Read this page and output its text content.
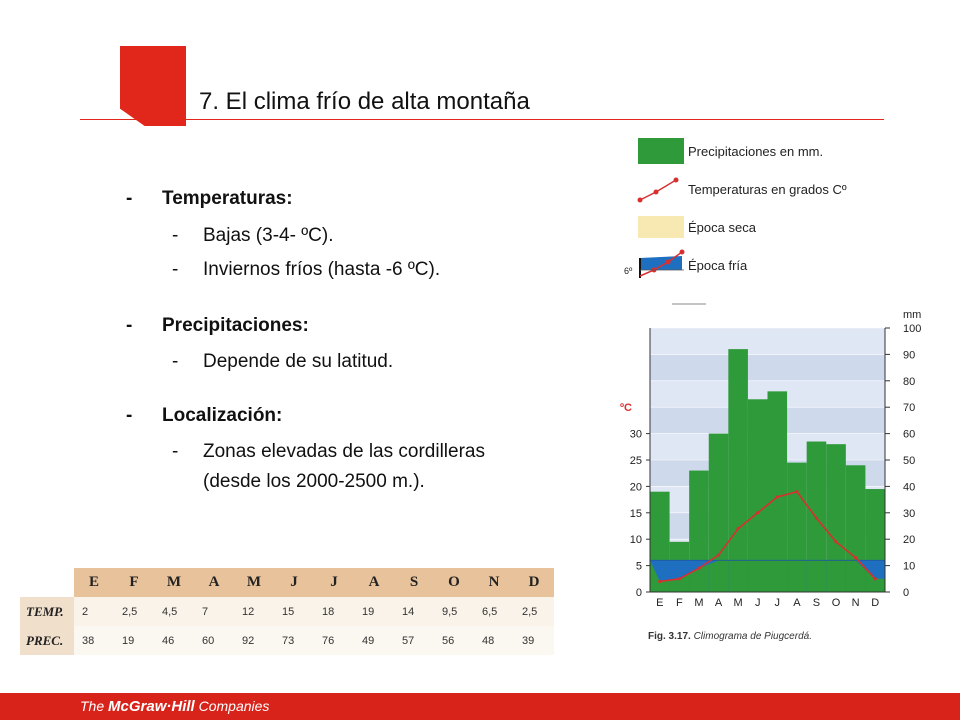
7. El clima frío de alta montaña
- Temperaturas:
- Bajas (3-4- ºC).
- Inviernos fríos (hasta -6 ºC).
- Precipitaciones:
- Depende de su latitud.
- Localización:
- Zonas elevadas de las cordilleras
(desde los 2000-2500 m.).
Precipitaciones en mm.
Temperaturas en grados Cº
Época seca
6º	Época fría
0
10
20
30
40
50
60
70
80
90
100
mm
0
5
10
15
20
25
30
ºC
E F M A M J J A S O N D
Fig. 3.17. Climograma de Piugcerdá.
	E	F	M	A	M	J	J	A	S	O	N	D
TEMP.	2	2,5	4,5	7	12	15	18	19	14	9,5	6,5	2,5
PREC.	38	19	46	60	92	73	76	49	57	56	48	39
The McGraw·Hill Companies
